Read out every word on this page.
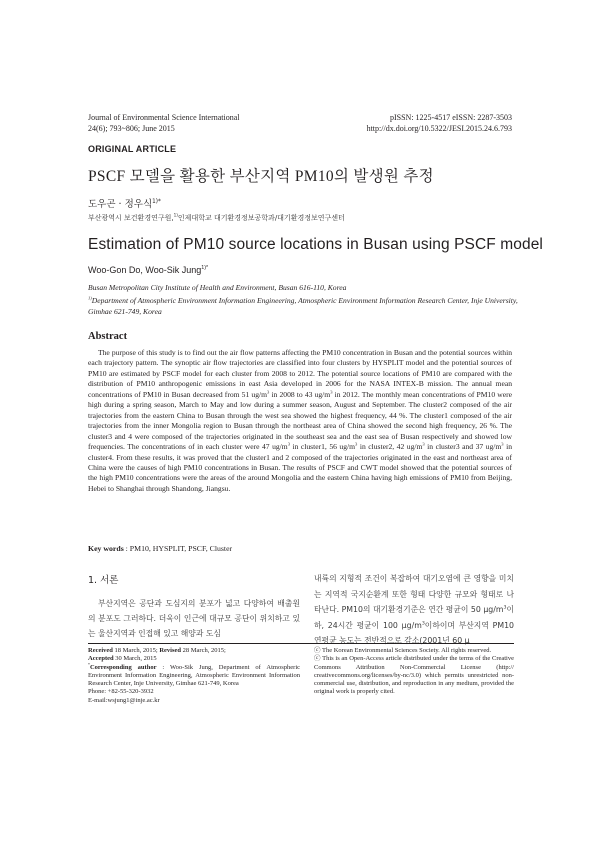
Journal of Environmental Science International
24(6); 793~806; June 2015
pISSN: 1225-4517 eISSN: 2287-3503
http://dx.doi.org/10.5322/JESI.2015.24.6.793
ORIGINAL ARTICLE
PSCF 모델을 활용한 부산지역 PM10의 발생원 추정
도우곤 · 정우식$^{1)*}$
부산광역시 보건환경연구원,$^{1)}$인제대학교 대기환경정보공학과/대기환경정보연구센터
Estimation of PM10 source locations in Busan using PSCF model
Woo-Gon Do, Woo-Sik Jung$^{1)*}$
Busan Metropolitan City Institute of Health and Environment, Busan 616-110, Korea
$^{1)}$Department of Atmospheric Environment Information Engineering, Atmospheric Environment Information Research Center, Inje University, Gimhae 621-749, Korea
Abstract
The purpose of this study is to find out the air flow patterns affecting the PM10 concentration in Busan and the potential sources within each trajectory pattern. The synoptic air flow trajectories are classified into four clusters by HYSPLIT model and the potential sources of PM10 are estimated by PSCF model for each cluster from 2008 to 2012. The potential source locations of PM10 are compared with the distribution of PM10 anthropogenic emissions in east Asia developed in 2006 for the NASA INTEX-B mission. The annual mean concentrations of PM10 in Busan decreased from 51 $ug/m^3$ in 2008 to 43 $ug/m^3$ in 2012. The monthly mean concentrations of PM10 were high during a spring season, March to May and low during a summer season, August and September. The cluster2 composed of the air trajectories from the eastern China to Busan through the west sea showed the highest frequency, 44 %. The cluster1 composed of the air trajectories from the inner Mongolia region to Busan through the northeast area of China showed the second high frequency, 26 %. The cluster3 and 4 were composed of the trajectories originated in the southeast sea and the east sea of Busan respectively and showed low frequencies. The concentrations of in each cluster were 47 $ug/m^3$ in cluster1, 56 $ug/m^3$ in cluster2, 42 $ug/m^3$ in cluster3 and 37 $ug/m^3$ in cluster4. From these results, it was proved that the cluster1 and 2 composed of the trajectories originated in the east and northeast area of China were the causes of high PM10 concentrations in Busan. The results of PSCF and CWT model showed that the potential sources of the high PM10 concentrations were the areas of the around Mongolia and the eastern China having high emissions of PM10 from Beijing, Hebei to Shanghai through Shandong, Jiangsu.
Key words : PM10, HYSPLIT, PSCF, Cluster
1. 서론
부산지역은 공단과 도심지의 분포가 넓고 다양하여 배출원의 분포도 그러하다. 더욱이 인근에 대규모 공단이 위치하고 있는 울산지역과 인접해 있고 해양과 도심
내륙의 지형적 조건이 복잡하여 대기오염에 큰 영향을 미치는 지역적 국지순환계 또한 형태 다양한 규모와 형태로 나타난다. PM10의 대기환경기준은 연간 평균이 50 $\mu g/m^3$이하, 24시간 평균이 100 $\mu g/m^3$이하이며 부산지역 PM10 연평균 농도는 전반적으로 감소(2001년 60 μ
Received 18 March, 2015; Revised 28 March, 2015;
Accepted 30 March, 2015
*Corresponding author : Woo-Sik Jung, Department of Atmospheric Environment Information Engineering, Atmospheric Environment Information Research Center, Inje University, Gimhae 621-749, Korea
Phone: +82-55-320-3932
E-mail:wsjung1@inje.ac.kr
ⓒ The Korean Environmental Sciences Society. All rights reserved.
ⓒ This is an Open-Access article distributed under the terms of the Creative Commons Attribution Non-Commercial License (http:// creativecommons.org/licenses/by-nc/3.0) which permits unrestricted non-commercial use, distribution, and reproduction in any medium, provided the original work is properly cited.
